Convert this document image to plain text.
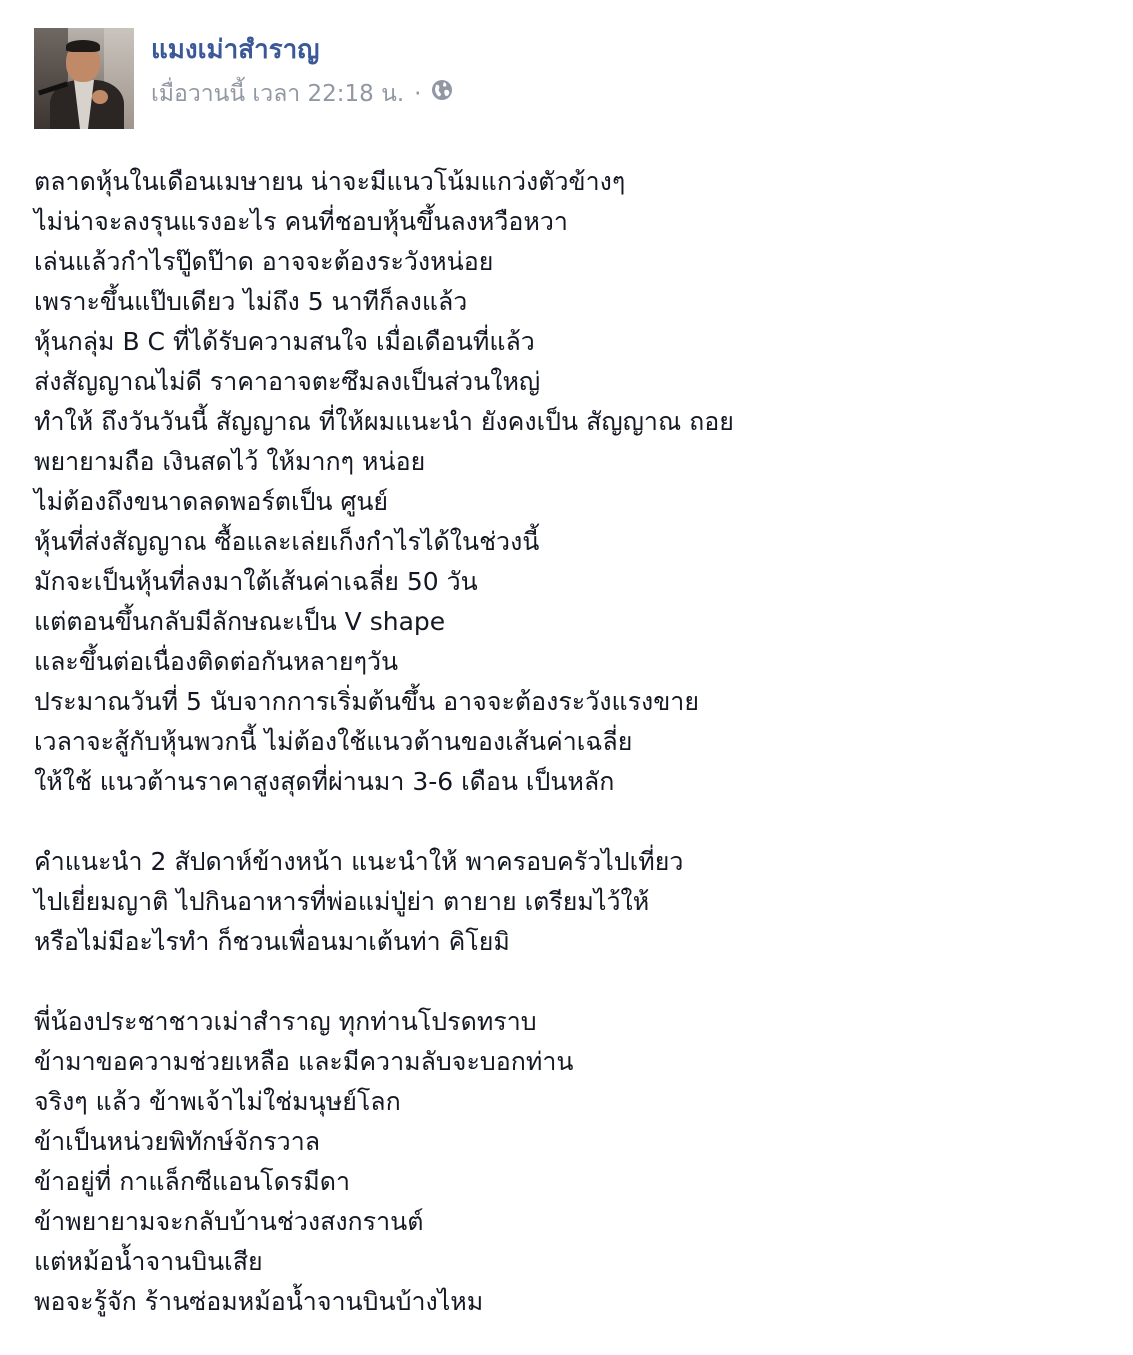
แมงเม่าสำราญ
เมื่อวานนี้ เวลา 22:18 น. ·
ตลาดหุ้นในเดือนเมษายน น่าจะมีแนวโน้มแกว่งตัวข้างๆ
ไม่น่าจะลงรุนแรงอะไร คนที่ชอบหุ้นขึ้นลงหวือหวา
เล่นแล้วกำไรปู๊ดป๊าด อาจจะต้องระวังหน่อย
เพราะขึ้นแป๊บเดียว ไม่ถึง 5 นาทีก็ลงแล้ว
หุ้นกลุ่ม B C ที่ได้รับความสนใจ เมื่อเดือนที่แล้ว
ส่งสัญญาณไม่ดี ราคาอาจตะซึมลงเป็นส่วนใหญ่
ทำให้ ถึงวันวันนี้ สัญญาณ ที่ให้ผมแนะนำ ยังคงเป็น สัญญาณ ถอย
พยายามถือ เงินสดไว้ ให้มากๆ หน่อย
ไม่ต้องถึงขนาดลดพอร์ตเป็น ศูนย์
หุ้นที่ส่งสัญญาณ ซื้อและเล่ยเก็งกำไรได้ในช่วงนี้
มักจะเป็นหุ้นที่ลงมาใต้เส้นค่าเฉลี่ย 50 วัน
แต่ตอนขึ้นกลับมีลักษณะเป็น V shape
และขึ้นต่อเนื่องติดต่อกันหลายๆวัน
ประมาณวันที่ 5 นับจากการเริ่มต้นขึ้น อาจจะต้องระวังแรงขาย
เวลาจะสู้กับหุ้นพวกนี้ ไม่ต้องใช้แนวต้านของเส้นค่าเฉลี่ย
ให้ใช้ แนวต้านราคาสูงสุดที่ผ่านมา 3-6 เดือน เป็นหลัก
คำแนะนำ 2 สัปดาห์ข้างหน้า แนะนำให้ พาครอบครัวไปเที่ยว
ไปเยี่ยมญาติ ไปกินอาหารที่พ่อแม่ปู่ย่า ตายาย เตรียมไว้ให้
หรือไม่มีอะไรทำ ก็ชวนเพื่อนมาเต้นท่า คิโยมิ
พี่น้องประชาชาวเม่าสำราญ ทุกท่านโปรดทราบ
ข้ามาขอความช่วยเหลือ และมีความลับจะบอกท่าน
จริงๆ แล้ว ข้าพเจ้าไม่ใช่มนุษย์โลก
ข้าเป็นหน่วยพิทักษ์จักรวาล
ข้าอยู่ที่ กาแล็กซีแอนโดรมีดา
ข้าพยายามจะกลับบ้านช่วงสงกรานต์
แต่หม้อน้ำจานบินเสีย
พอจะรู้จัก ร้านซ่อมหม้อน้ำจานบินบ้างไหม
